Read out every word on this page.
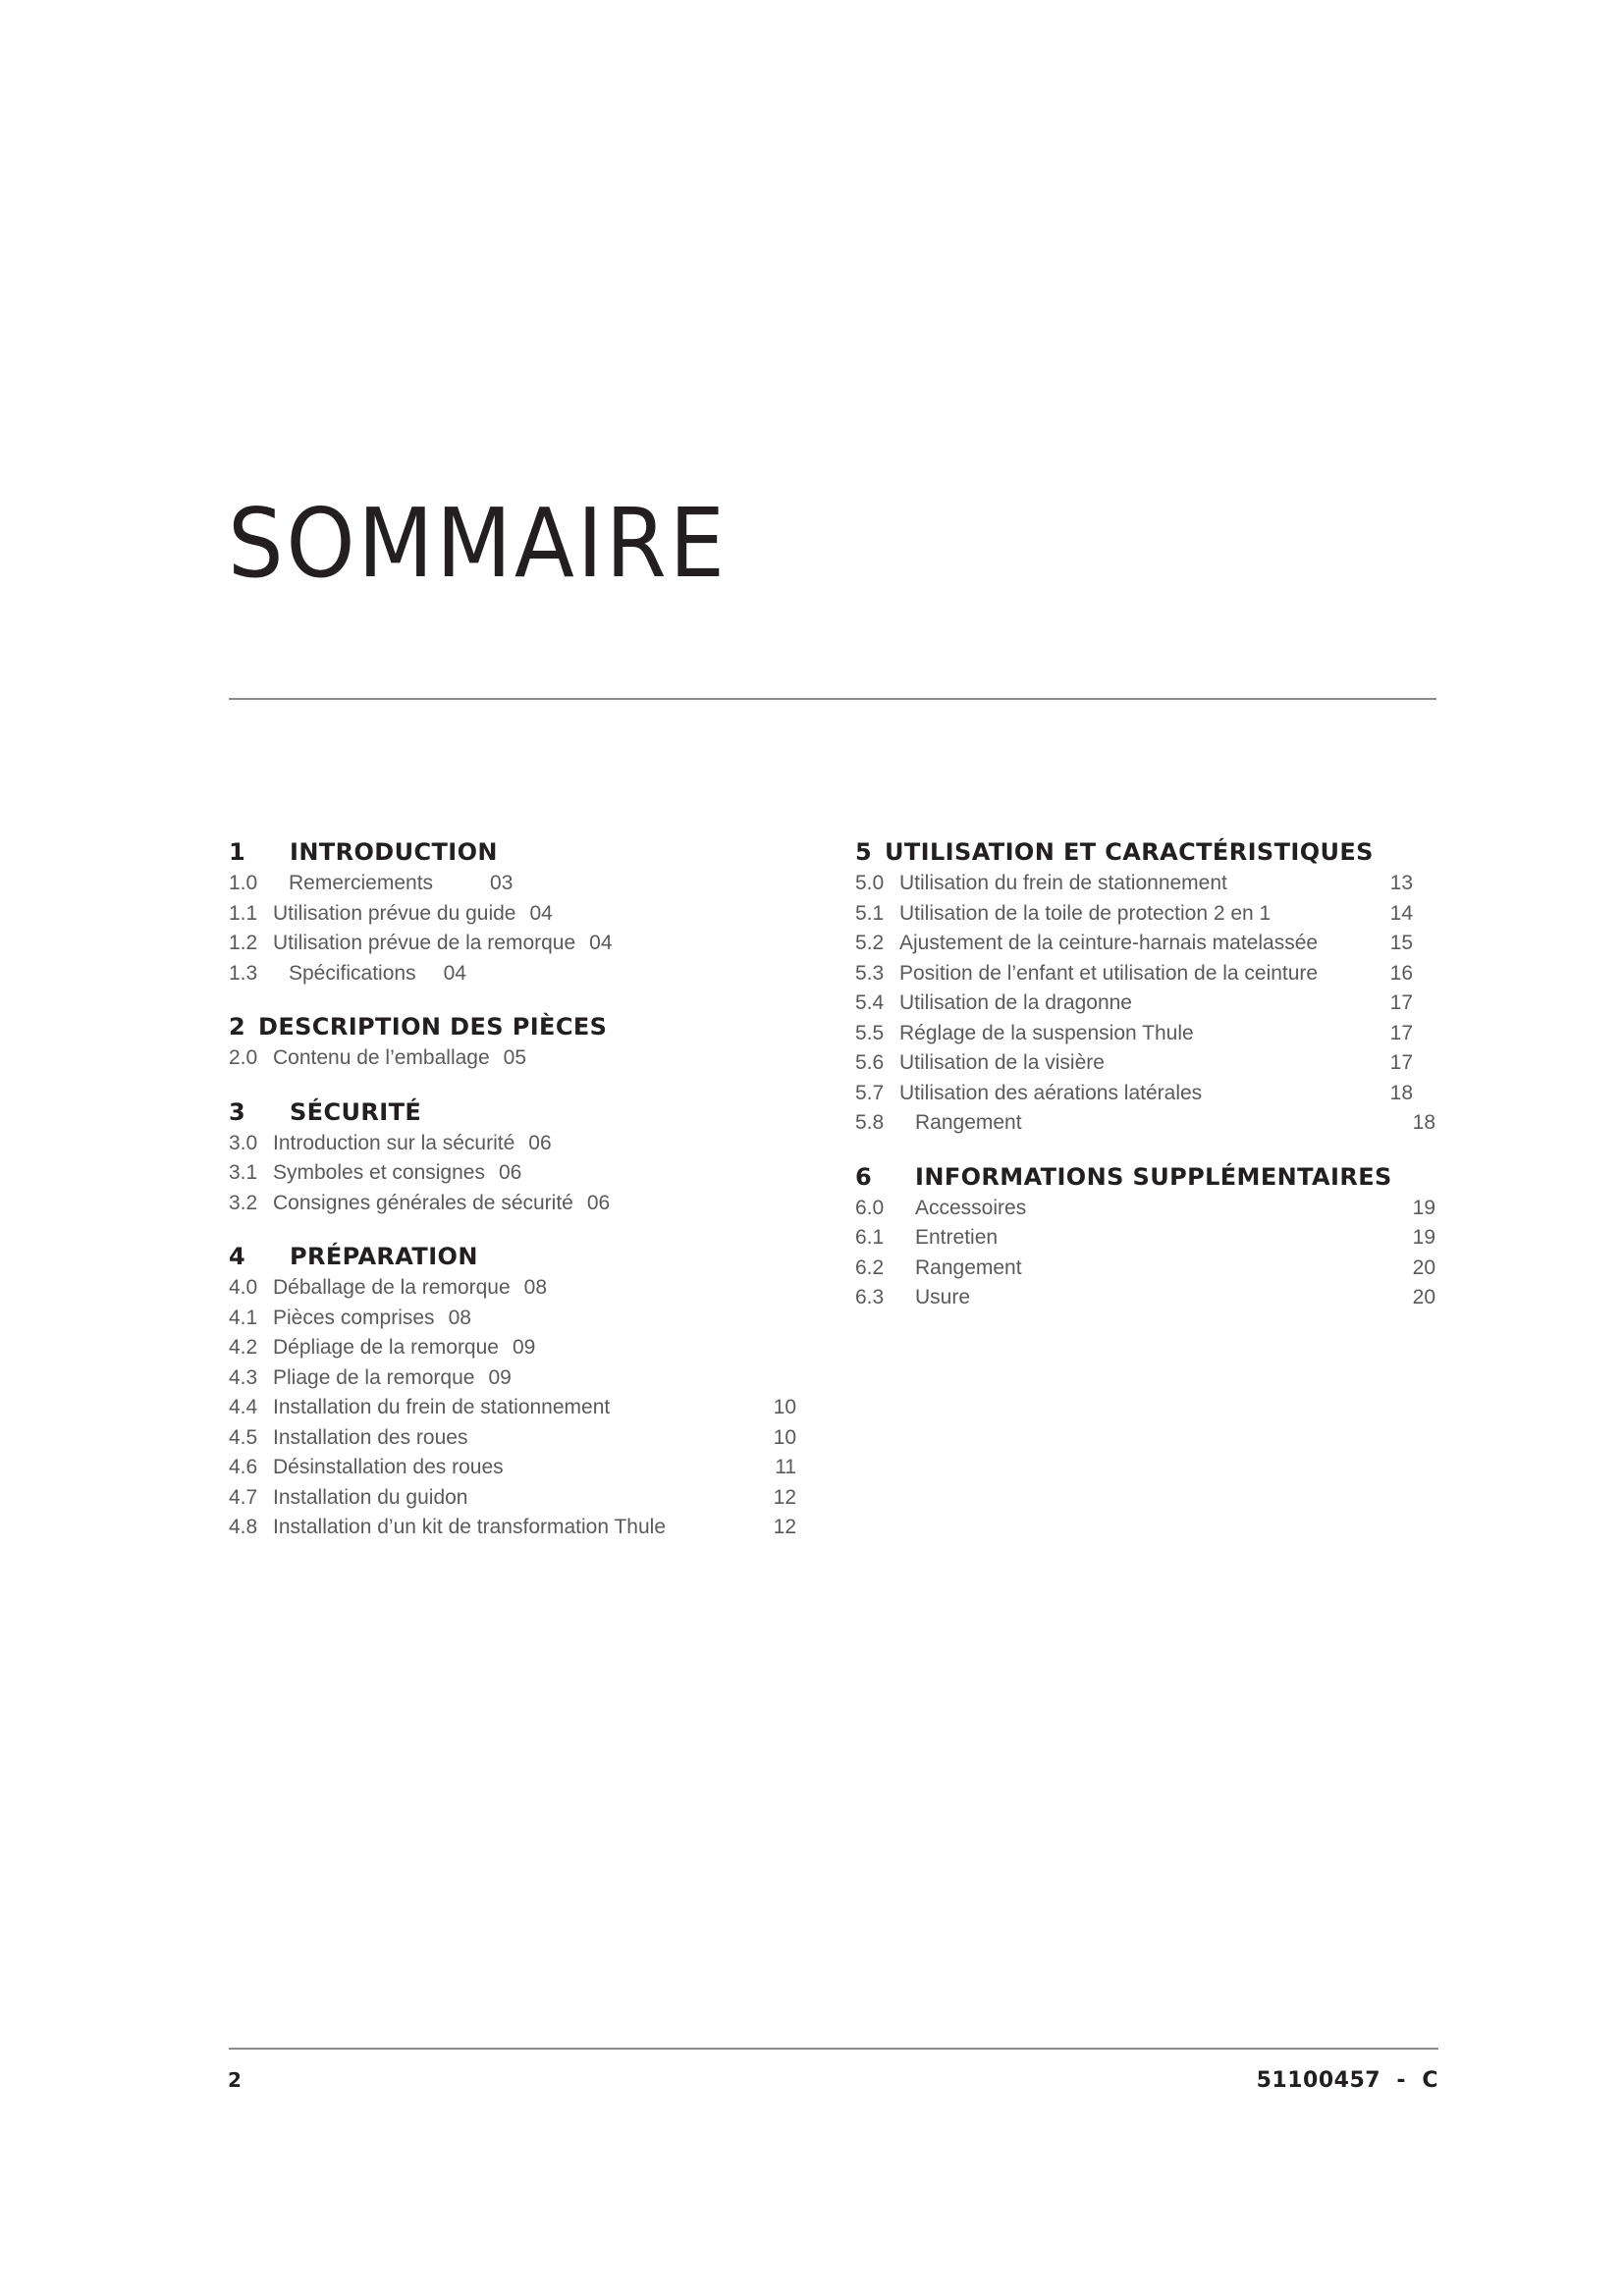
SOMMAIRE
1	INTRODUCTION
1.0	Remerciements	03
1.1 Utilisation prévue du guide 04
1.2 Utilisation prévue de la remorque 04
1.3	Spécifications 04
2 DESCRIPTION DES PIÈCES
2.0 Contenu de l’emballage 05
3	SÉCURITÉ
3.0 Introduction sur la sécurité 06
3.1 Symboles et consignes 06
3.2 Consignes générales de sécurité 06
4	PRÉPARATION
4.0 Déballage de la remorque 08
4.1 Pièces comprises 08
4.2 Dépliage de la remorque 09
4.3 Pliage de la remorque 09
4.4 Installation du frein de stationnement	10
4.5 Installation des roues	10
4.6 Désinstallation des roues	11
4.7 Installation du guidon	12
4.8 Installation d’un kit de transformation Thule	12
5 UTILISATION ET CARACTÉRISTIQUES
5.0 Utilisation du frein de stationnement	13
5.1 Utilisation de la toile de protection 2 en 1	14
5.2 Ajustement de la ceinture-harnais matelassée	15
5.3 Position de l’enfant et utilisation de la ceinture	16
5.4 Utilisation de la dragonne	17
5.5 Réglage de la suspension Thule	17
5.6 Utilisation de la visière	17
5.7 Utilisation des aérations latérales	18
5.8	Rangement	18
6	INFORMATIONS SUPPLÉMENTAIRES
6.0	Accessoires	19
6.1	Entretien	19
6.2	Rangement	20
6.3	Usure	20
2	51100457  -  C
